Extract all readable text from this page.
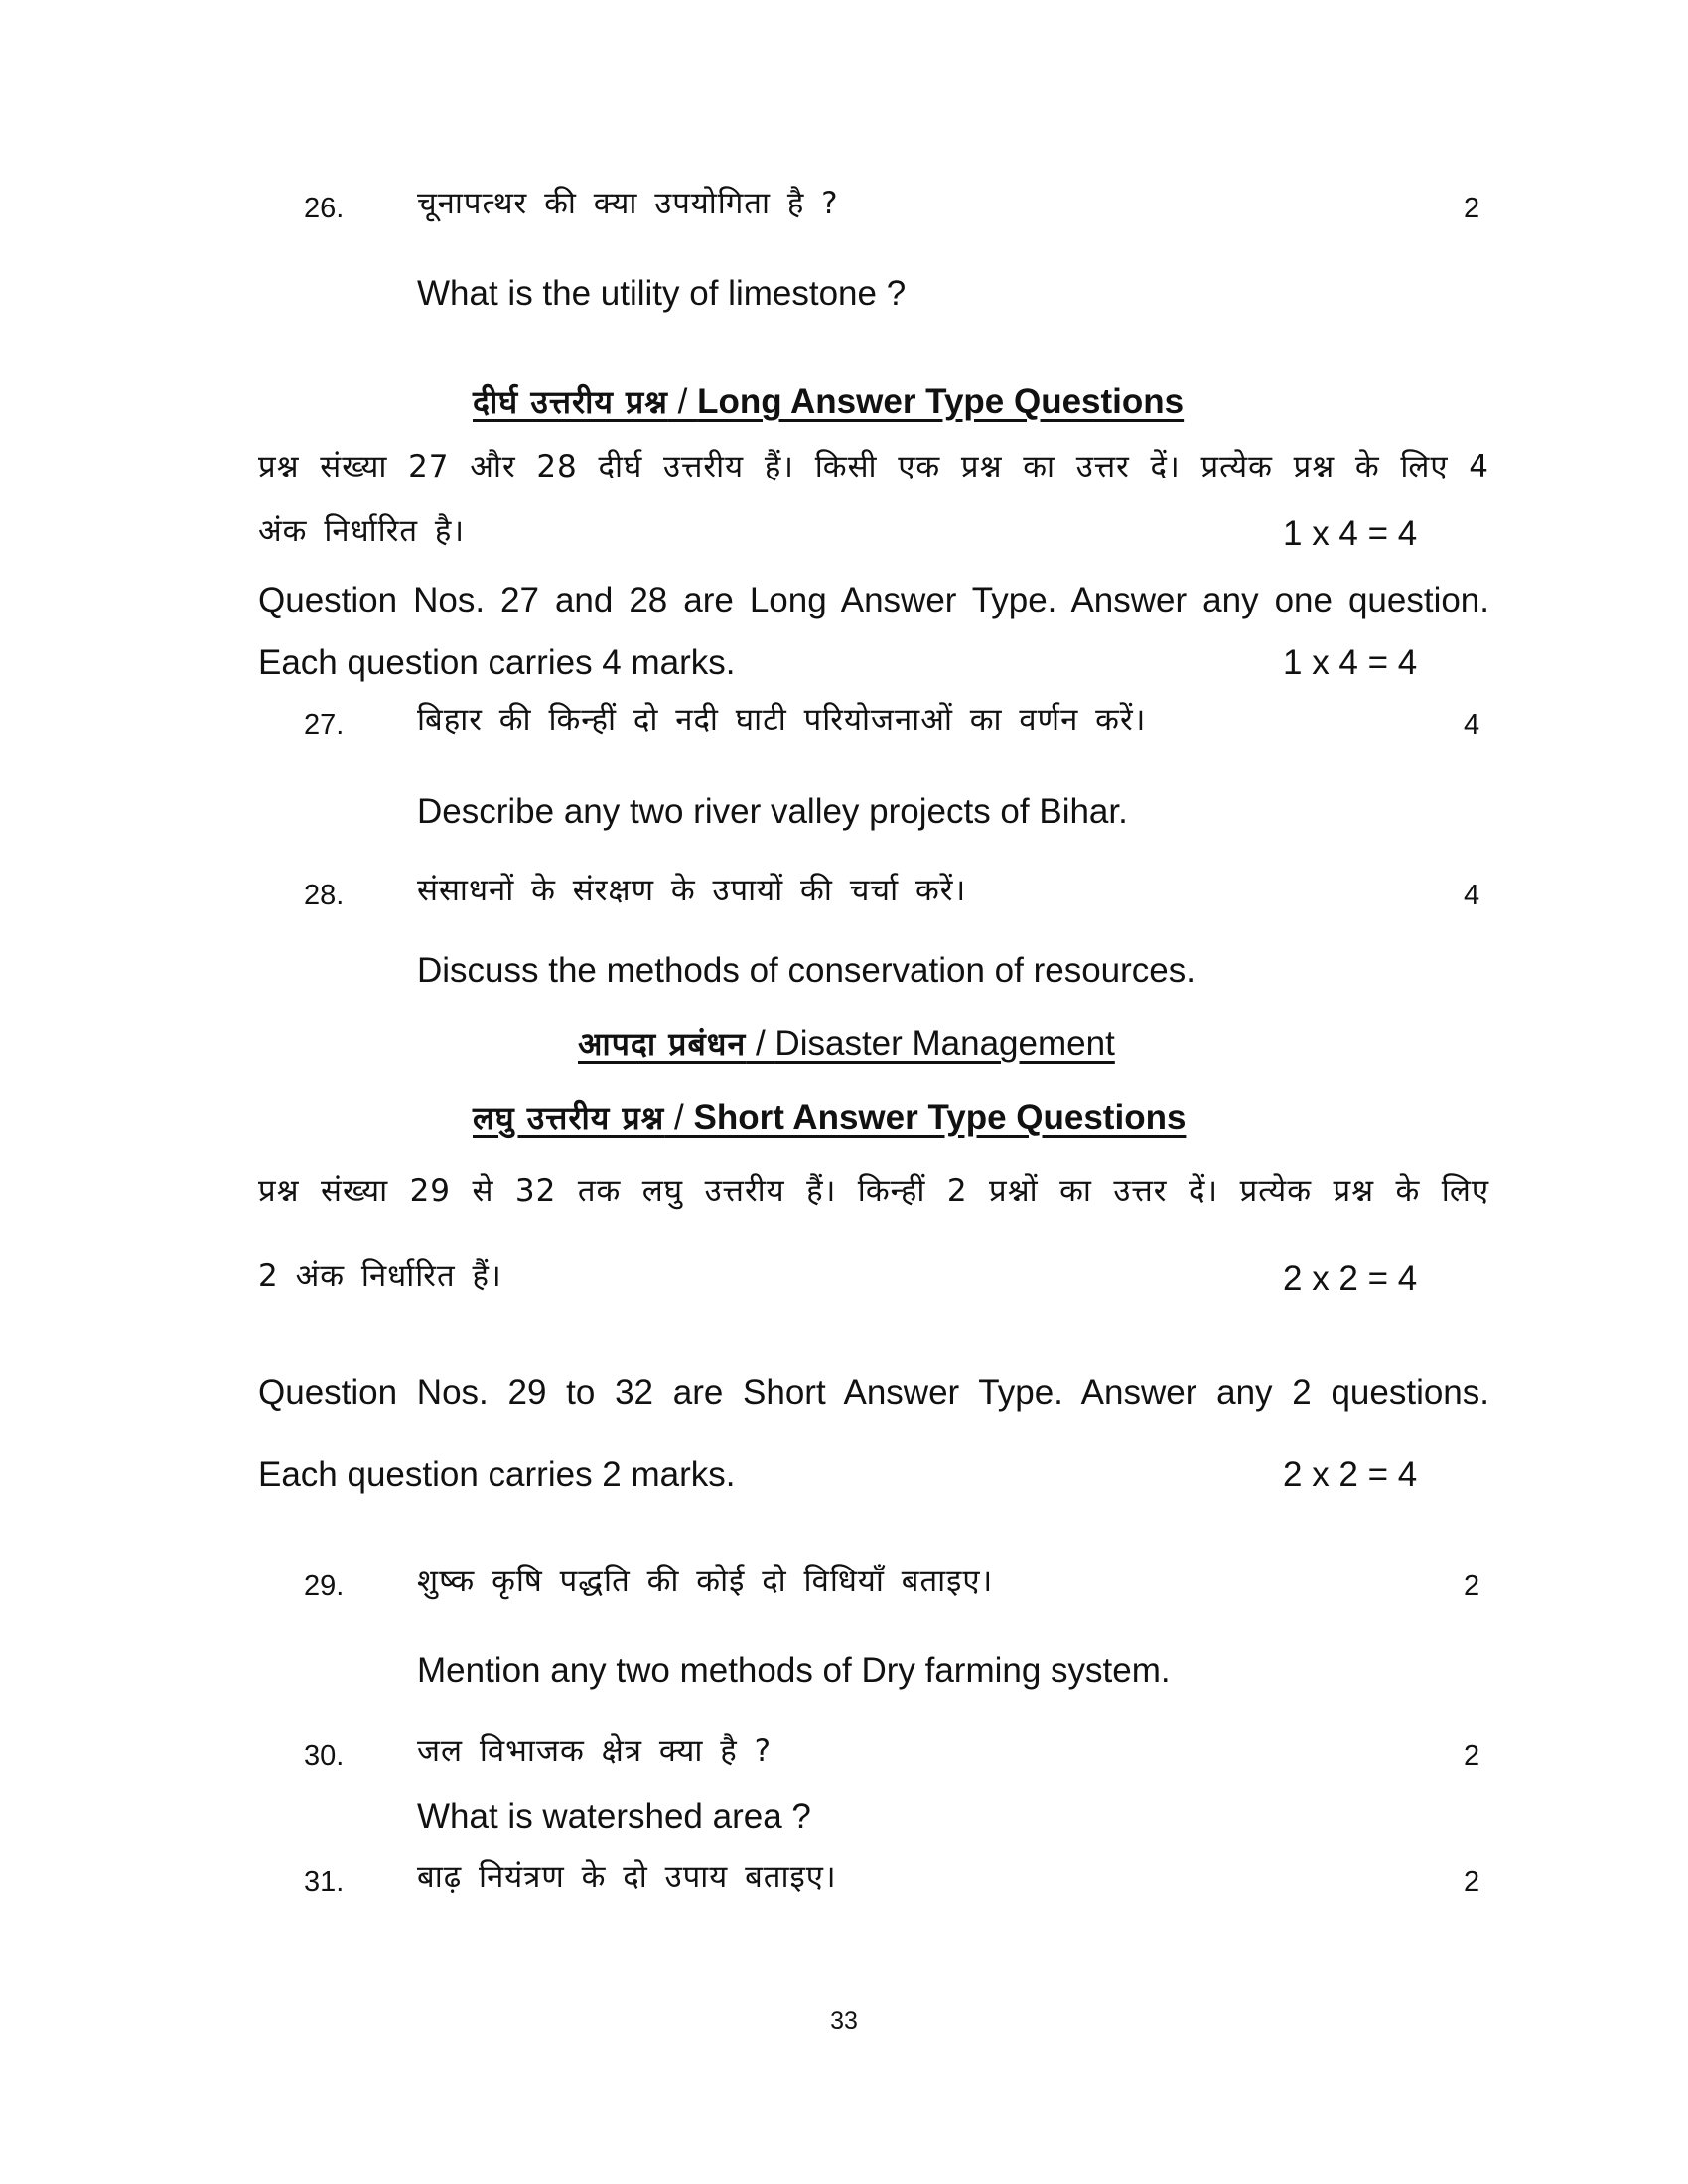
26. चूनापत्थर की क्या उपयोगिता है ?	2
What is the utility of limestone ?
दीर्घ उत्तरीय प्रश्न / Long Answer Type Questions
प्रश्न संख्या 27 और 28 दीर्घ उत्तरीय हैं। किसी एक प्रश्न का उत्तर दें। प्रत्येक प्रश्न के लिए 4
अंक निर्धारित है।	1 x 4 = 4
Question Nos. 27 and 28 are Long Answer Type. Answer any one question.
Each question carries 4 marks.	1 x 4 = 4
27. बिहार की किन्हीं दो नदी घाटी परियोजनाओं का वर्णन करें।	4
Describe any two river valley projects of Bihar.
28. संसाधनों के संरक्षण के उपायों की चर्चा करें।	4
Discuss the methods of conservation of resources.
आपदा प्रबंधन / Disaster Management
लघु उत्तरीय प्रश्न / Short Answer Type Questions
प्रश्न संख्या 29 से 32 तक लघु उत्तरीय हैं। किन्हीं 2 प्रश्नों का उत्तर दें। प्रत्येक प्रश्न के लिए
2 अंक निर्धारित हैं।	2 x 2 = 4
Question Nos. 29 to 32 are Short Answer Type. Answer any 2 questions.
Each question carries 2 marks.	2 x 2 = 4
29. शुष्क कृषि पद्धति की कोई दो विधियाँ बताइए।	2
Mention any two methods of Dry farming system.
30. जल विभाजक क्षेत्र क्या है ?	2
What is watershed area ?
31. बाढ़ नियंत्रण के दो उपाय बताइए।	2
33
